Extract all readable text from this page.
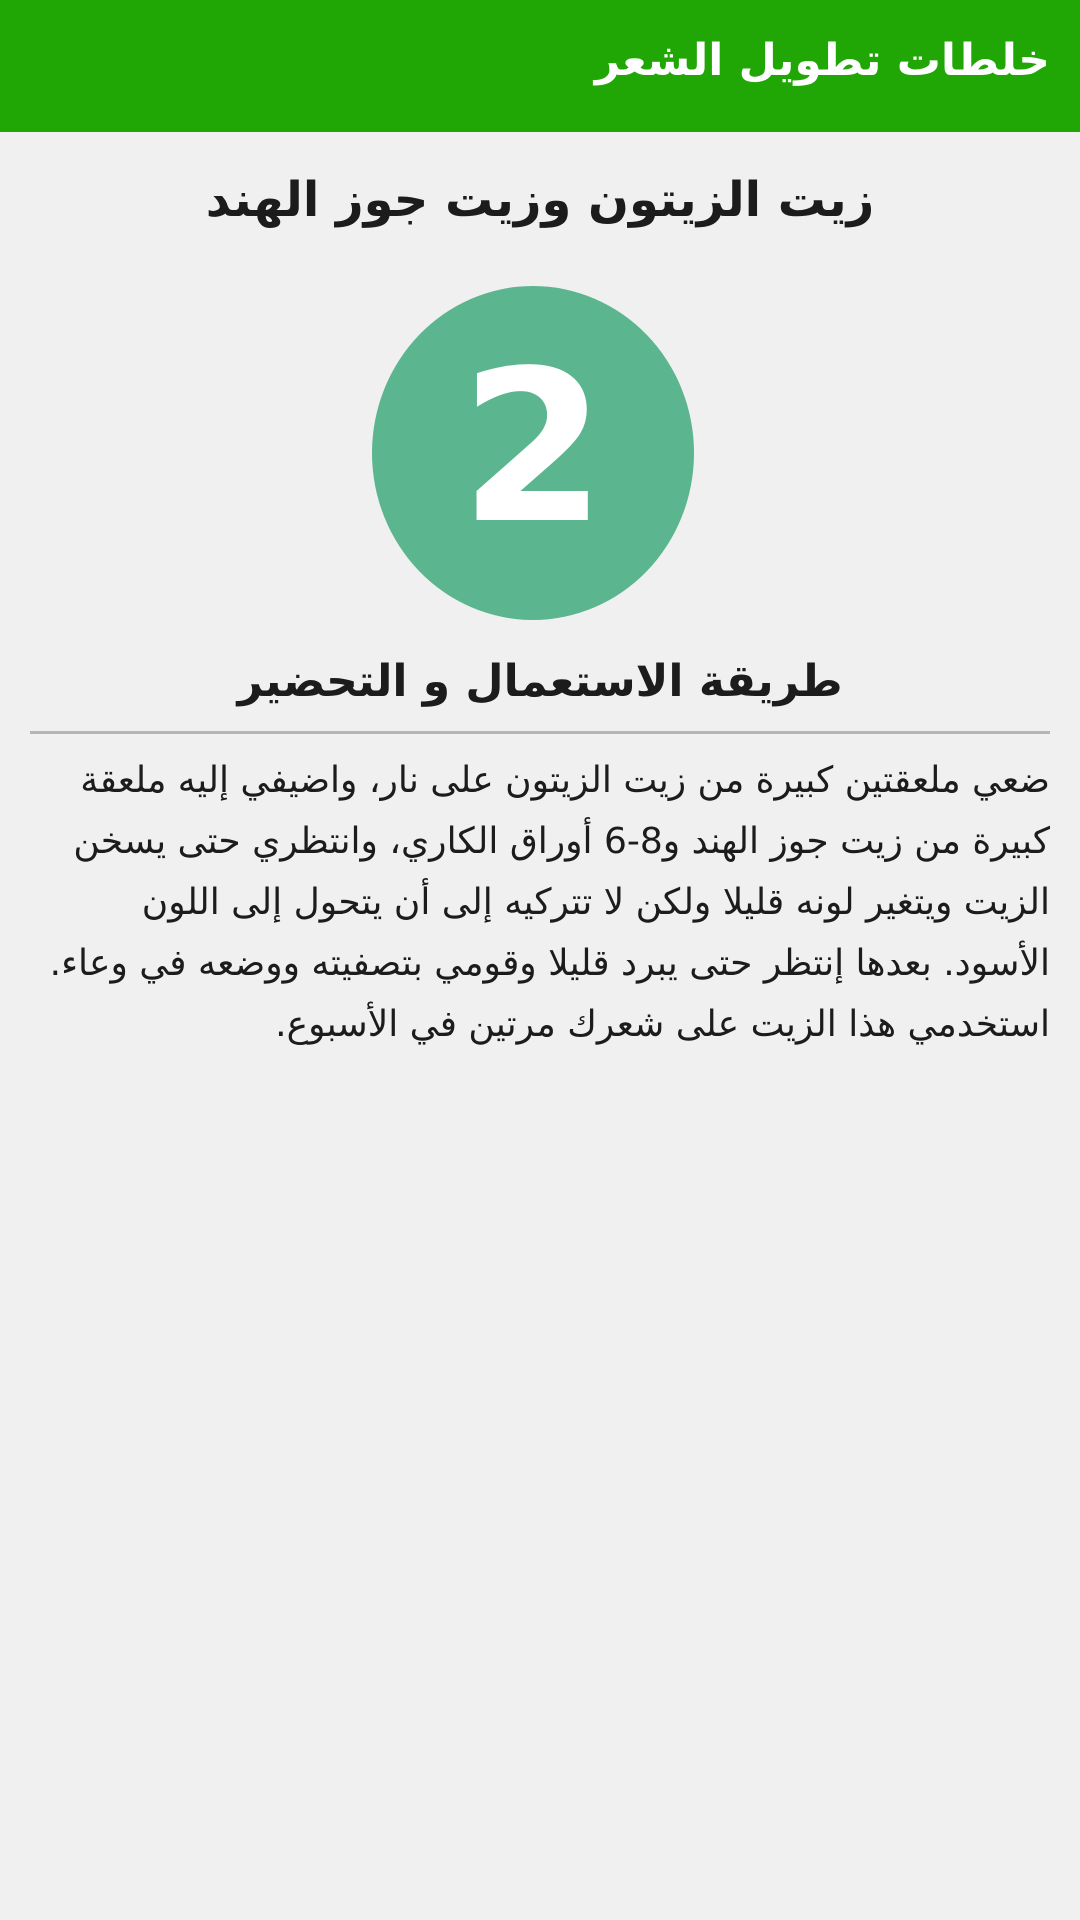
خلطات تطويل الشعر
زيت الزيتون وزيت جوز الهند
2
طريقة الاستعمال و التحضير
ضعي ملعقتين كبيرة من زيت الزيتون على نار، واضيفي إليه ملعقة كبيرة من زيت جوز الهند و8-6 أوراق الكاري، وانتظري حتى يسخن الزيت ويتغير لونه قليلا ولكن لا تتركيه إلى أن يتحول إلى اللون الأسود. بعدها إنتظر حتى يبرد قليلا وقومي بتصفيته ووضعه في وعاء. استخدمي هذا الزيت على شعرك مرتين في الأسبوع.
